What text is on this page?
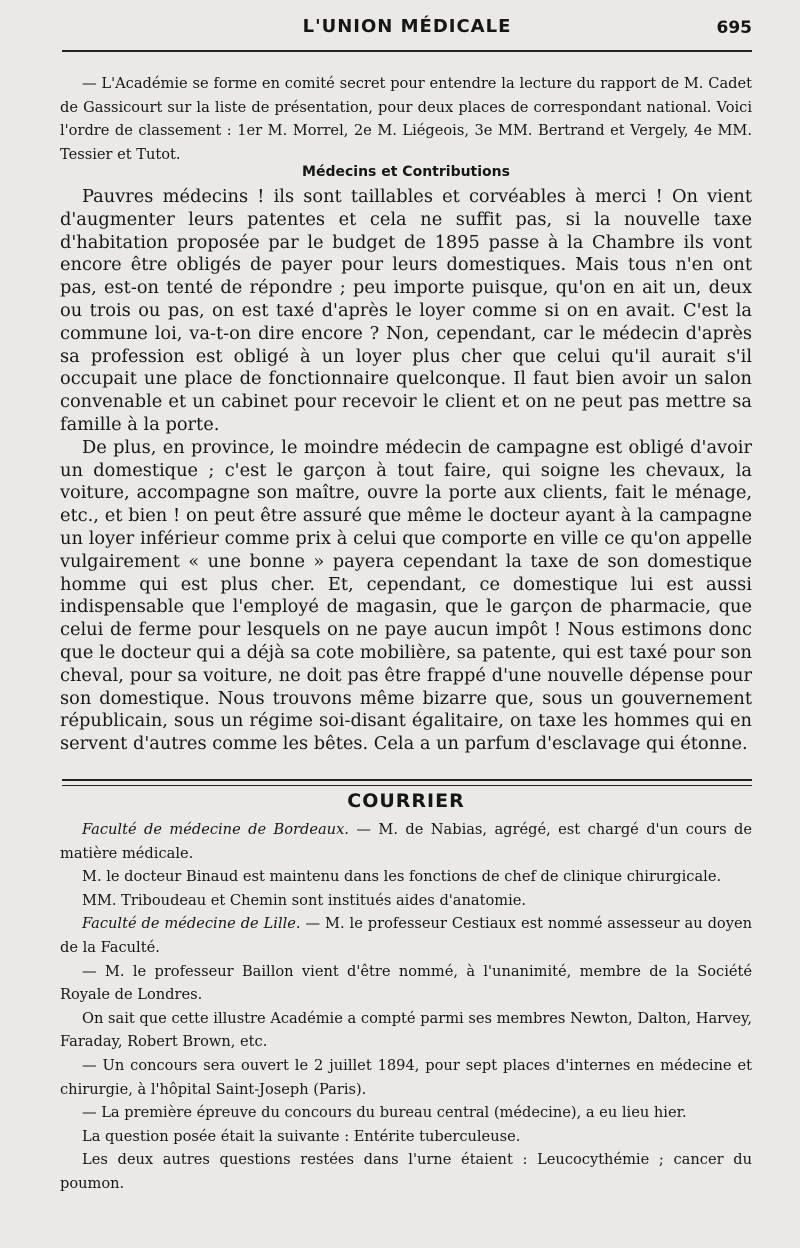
L'UNION MÉDICALE	695

— L'Académie se forme en comité secret pour entendre la lecture du rapport de M. Cadet de Gassicourt sur la liste de présentation, pour deux places de correspondant national. Voici l'ordre de classement : 1er M. Morrel, 2e M. Liégeois, 3e MM. Bertrand et Vergely, 4e MM. Tessier et Tutot.

Médecins et Contributions

Pauvres médecins ! ils sont taillables et corvéables à merci ! On vient d'augmenter leurs patentes et cela ne suffit pas, si la nouvelle taxe d'habitation proposée par le budget de 1895 passe à la Chambre ils vont encore être obligés de payer pour leurs domestiques. Mais tous n'en ont pas, est-on tenté de répondre ; peu importe puisque, qu'on en ait un, deux ou trois ou pas, on est taxé d'après le loyer comme si on en avait. C'est la commune loi, va-t-on dire encore ? Non, cependant, car le médecin d'après sa profession est obligé à un loyer plus cher que celui qu'il aurait s'il occupait une place de fonctionnaire quelconque. Il faut bien avoir un salon convenable et un cabinet pour recevoir le client et on ne peut pas mettre sa famille à la porte.

De plus, en province, le moindre médecin de campagne est obligé d'avoir un domestique ; c'est le garçon à tout faire, qui soigne les chevaux, la voiture, accompagne son maître, ouvre la porte aux clients, fait le ménage, etc., et bien ! on peut être assuré que même le docteur ayant à la campagne un loyer inférieur comme prix à celui que comporte en ville ce qu'on appelle vulgairement « une bonne » payera cependant la taxe de son domestique homme qui est plus cher. Et, cependant, ce domestique lui est aussi indispensable que l'employé de magasin, que le garçon de pharmacie, que celui de ferme pour lesquels on ne paye aucun impôt ! Nous estimons donc que le docteur qui a déjà sa cote mobilière, sa patente, qui est taxé pour son cheval, pour sa voiture, ne doit pas être frappé d'une nouvelle dépense pour son domestique. Nous trouvons même bizarre que, sous un gouvernement républicain, sous un régime soi-disant égalitaire, on taxe les hommes qui en servent d'autres comme les bêtes. Cela a un parfum d'esclavage qui étonne.

COURRIER

Faculté de médecine de Bordeaux. — M. de Nabias, agrégé, est chargé d'un cours de matière médicale.

M. le docteur Binaud est maintenu dans les fonctions de chef de clinique chirurgicale.

MM. Triboudeau et Chemin sont institués aides d'anatomie.

Faculté de médecine de Lille. — M. le professeur Cestiaux est nommé assesseur au doyen de la Faculté.

— M. le professeur Baillon vient d'être nommé, à l'unanimité, membre de la Société Royale de Londres.

On sait que cette illustre Académie a compté parmi ses membres Newton, Dalton, Harvey, Faraday, Robert Brown, etc.

— Un concours sera ouvert le 2 juillet 1894, pour sept places d'internes en médecine et chirurgie, à l'hôpital Saint-Joseph (Paris).

— La première épreuve du concours du bureau central (médecine), a eu lieu hier.

La question posée était la suivante : Entérite tuberculeuse.

Les deux autres questions restées dans l'urne étaient : Leucocythémie ; cancer du poumon.
